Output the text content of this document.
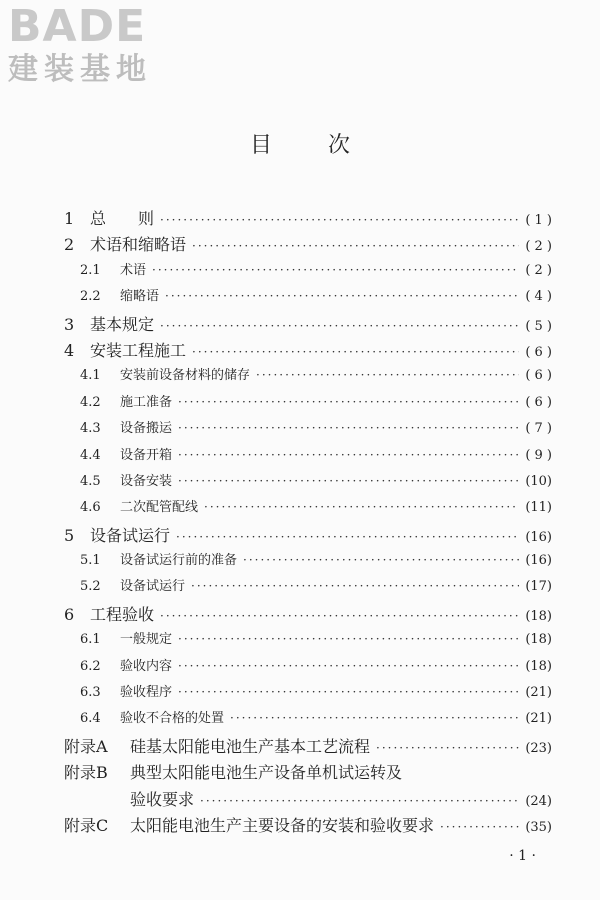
BADE
建装基地
目次
1 总　　则 ·····	( 1 )
2 术语和缩略语 ·····	( 2 )
2.1	术语 ·····	( 2 )
2.2	缩略语 ·····	( 4 )
3 基本规定 ·····	( 5 )
4 安装工程施工 ·····	( 6 )
4.1	安装前设备材料的储存 ·····	( 6 )
4.2	施工准备 ·····	( 6 )
4.3	设备搬运 ·····	( 7 )
4.4	设备开箱 ·····	( 9 )
4.5	设备安装 ·····	(10)
4.6	二次配管配线 ·····	(11)
5 设备试运行 ·····	(16)
5.1	设备试运行前的准备 ·····	(16)
5.2	设备试运行 ·····	(17)
6 工程验收 ·····	(18)
6.1	一般规定 ·····	(18)
6.2	验收内容 ·····	(18)
6.3	验收程序 ·····	(21)
6.4	验收不合格的处置 ·····	(21)
附录A	硅基太阳能电池生产基本工艺流程 ·····	(23)
附录B	典型太阳能电池生产设备单机试运转及
验收要求 ·····	(24)
附录C	太阳能电池生产主要设备的安装和验收要求 ·····	(35)
· 1 ·
